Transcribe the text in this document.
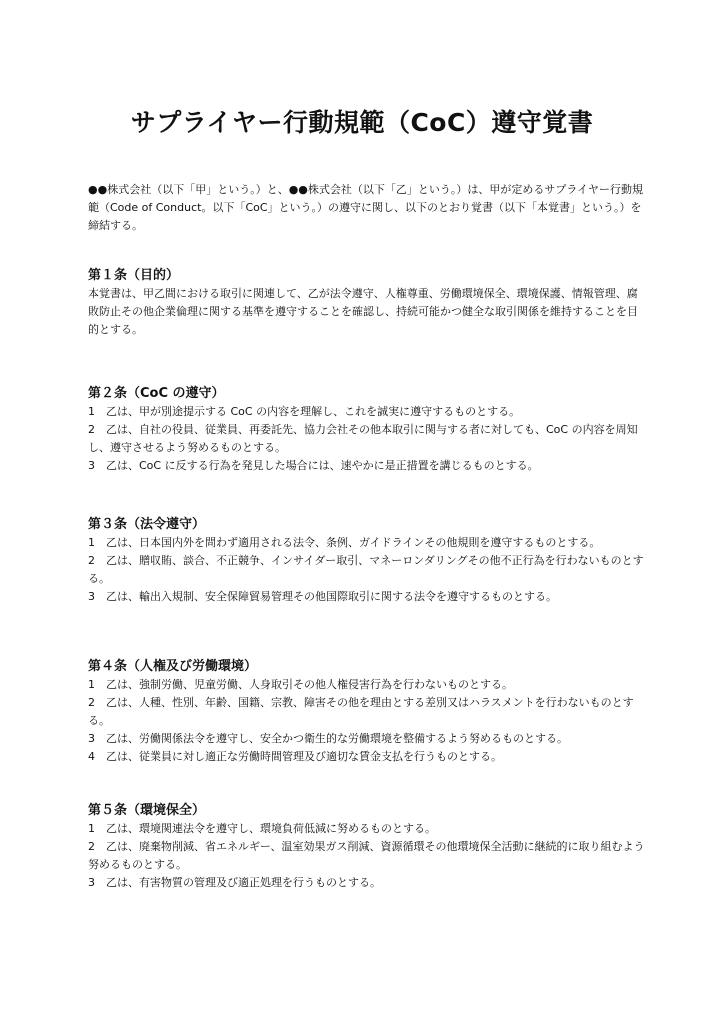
サプライヤー行動規範（CoC）遵守覚書

●●株式会社（以下「甲」という。）と、●●株式会社（以下「乙」という。）は、甲が定めるサプライヤー行動規範（Code of Conduct。以下「CoC」という。）の遵守に関し、以下のとおり覚書（以下「本覚書」という。）を締結する。

第１条（目的）

本覚書は、甲乙間における取引に関連して、乙が法令遵守、人権尊重、労働環境保全、環境保護、情報管理、腐敗防止その他企業倫理に関する基準を遵守することを確認し、持続可能かつ健全な取引関係を維持することを目的とする。

第２条（CoC の遵守）
1 乙は、甲が別途提示する CoC の内容を理解し、これを誠実に遵守するものとする。
2 乙は、自社の役員、従業員、再委託先、協力会社その他本取引に関与する者に対しても、CoC の内容を周知し、遵守させるよう努めるものとする。
3 乙は、CoC に反する行為を発見した場合には、速やかに是正措置を講じるものとする。
第３条（法令遵守）
1 乙は、日本国内外を問わず適用される法令、条例、ガイドラインその他規則を遵守するものとする。
2 乙は、贈収賄、談合、不正競争、インサイダー取引、マネーロンダリングその他不正行為を行わないものとする。
3 乙は、輸出入規制、安全保障貿易管理その他国際取引に関する法令を遵守するものとする。
第４条（人権及び労働環境）
1 乙は、強制労働、児童労働、人身取引その他人権侵害行為を行わないものとする。
2 乙は、人種、性別、年齢、国籍、宗教、障害その他を理由とする差別又はハラスメントを行わないものとする。
3 乙は、労働関係法令を遵守し、安全かつ衛生的な労働環境を整備するよう努めるものとする。
4 乙は、従業員に対し適正な労働時間管理及び適切な賃金支払を行うものとする。
第５条（環境保全）
1 乙は、環境関連法令を遵守し、環境負荷低減に努めるものとする。
2 乙は、廃棄物削減、省エネルギー、温室効果ガス削減、資源循環その他環境保全活動に継続的に取り組むよう努めるものとする。
3 乙は、有害物質の管理及び適正処理を行うものとする。
